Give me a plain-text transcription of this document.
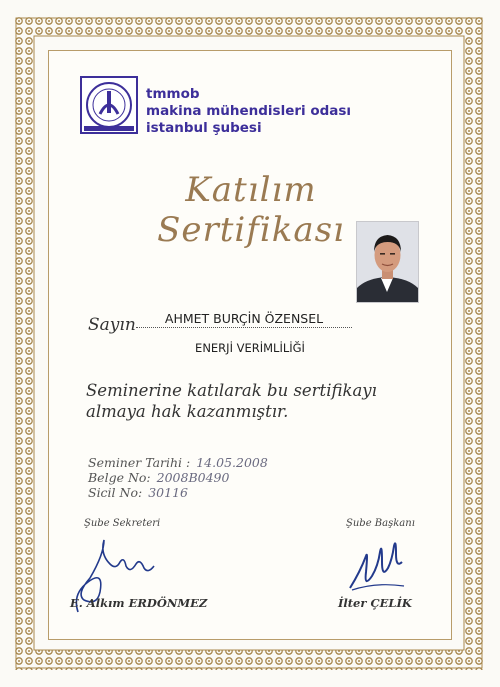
tmmob
makina mühendisleri odası
istanbul şubesi
Katılım Sertifikası
Sayın	AHMET BURÇİN ÖZENSEL
ENERJİ VERİMLİLİĞİ
Seminerine katılarak bu sertifikayı almaya hak kazanmıştır.
Seminer Tarihi : 14.05.2008
Belge No: 2008B0490
Sicil No: 30116
Şube Sekreteri	Şube Başkanı
E. Alkım ERDÖNMEZ	İlter ÇELİK
